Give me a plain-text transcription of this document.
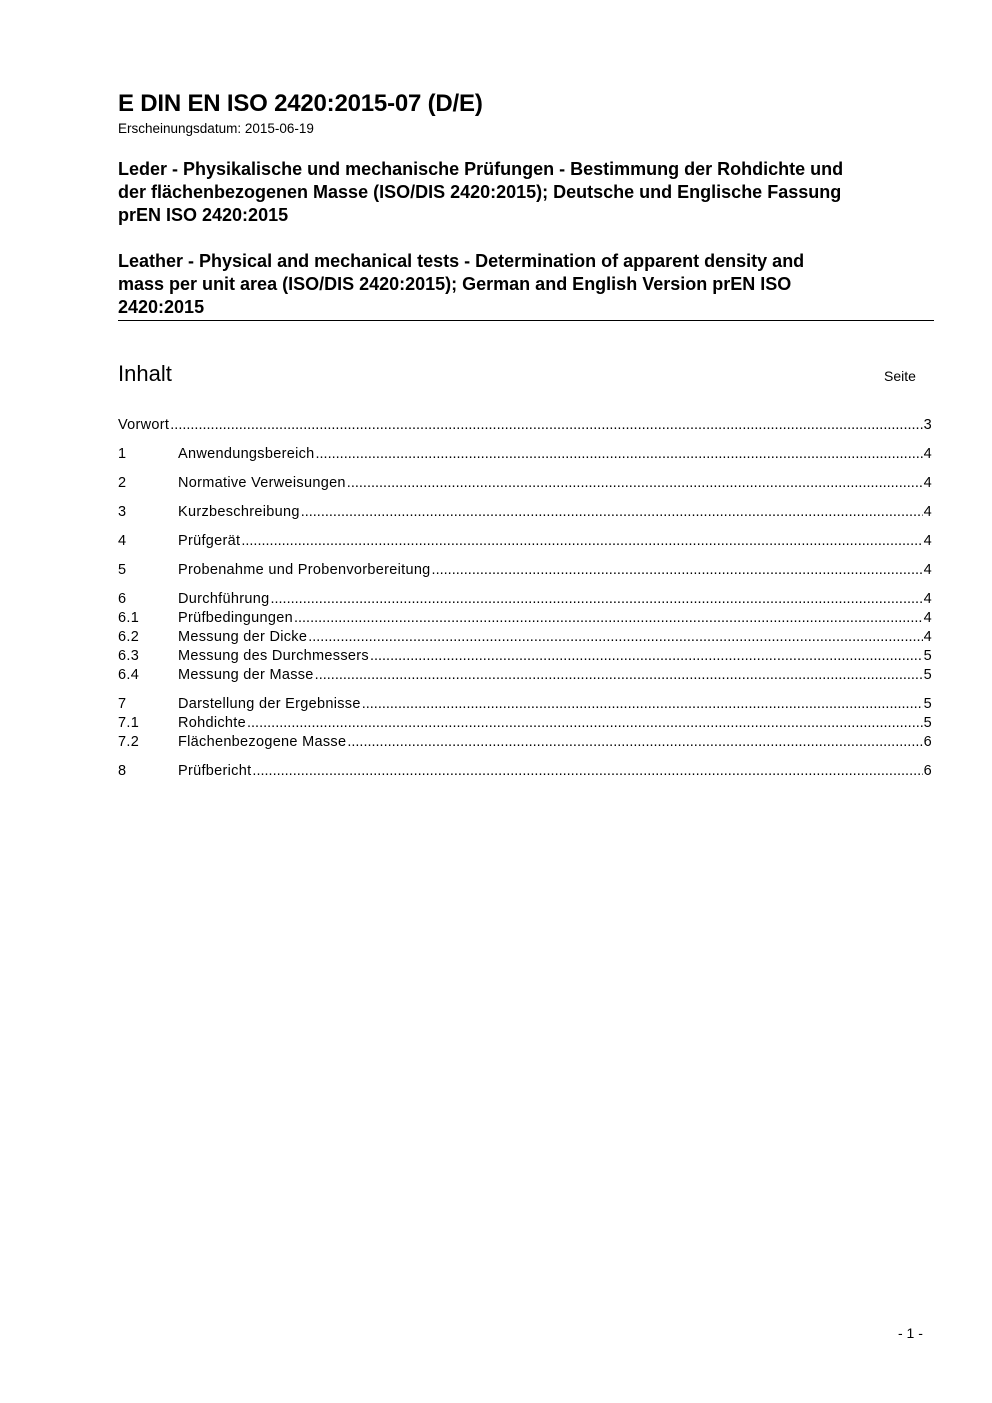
E DIN EN ISO 2420:2015-07 (D/E)
Erscheinungsdatum: 2015-06-19
Leder - Physikalische und mechanische Prüfungen - Bestimmung der Rohdichte und
der flächenbezogenen Masse (ISO/DIS 2420:2015); Deutsche und Englische Fassung
prEN ISO 2420:2015
Leather - Physical and mechanical tests - Determination of apparent density and
mass per unit area (ISO/DIS 2420:2015); German and English Version prEN ISO
2420:2015
Inhalt	Seite
Vorwort .....	3
1	Anwendungsbereich .....	4
2	Normative Verweisungen .....	4
3	Kurzbeschreibung .....	4
4	Prüfgerät .....	4
5	Probenahme und Probenvorbereitung .....	4
6	Durchführung .....	4
6.1	Prüfbedingungen .....	4
6.2	Messung der Dicke .....	4
6.3	Messung des Durchmessers .....	5
6.4	Messung der Masse .....	5
7	Darstellung der Ergebnisse .....	5
7.1	Rohdichte .....	5
7.2	Flächenbezogene Masse .....	6
8	Prüfbericht .....	6
- 1 -
